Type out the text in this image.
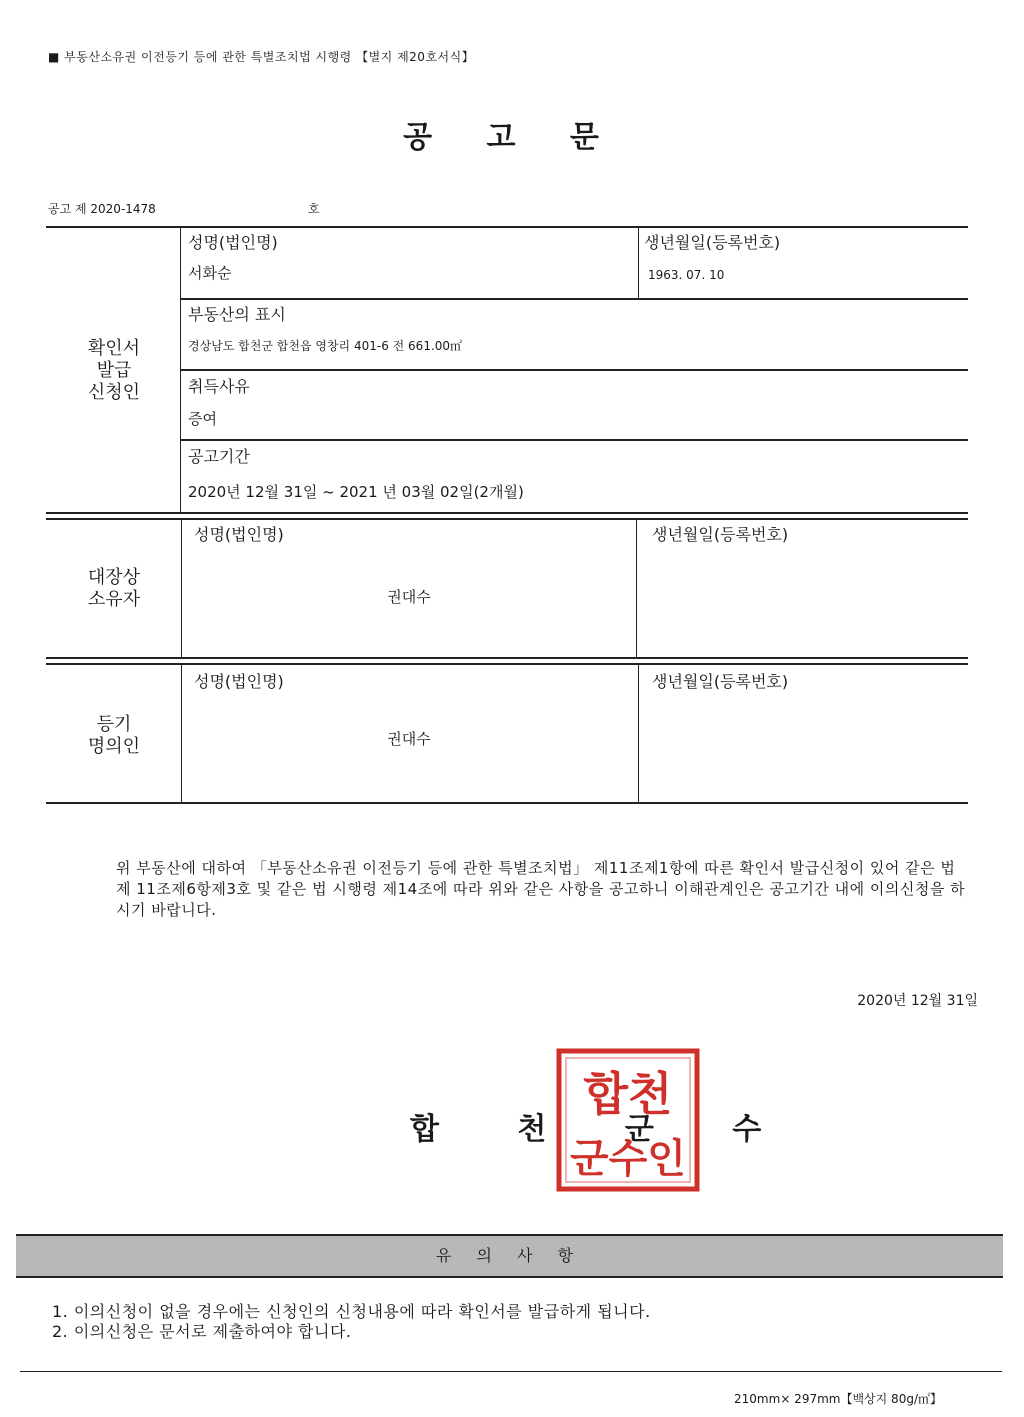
■ 부동산소유권 이전등기 등에 관한 특별조치법 시행령 【별지 제20호서식】
공 고 문
공고 제 2020-1478	호
확인서
발급
신청인
성명(법인명)
서화순
생년월일(등록번호)
1963. 07. 10
부동산의 표시
경상남도 합천군 합천읍 영창리 401-6 전 661.00㎡
취득사유
증여
공고기간
2020년 12월 31일 ~ 2021 년 03월 02일(2개월)
대장상
소유자
성명(법인명)
권대수
생년월일(등록번호)
등기
명의인
성명(법인명)
권대수
생년월일(등록번호)
위 부동산에 대하여 「부동산소유권 이전등기 등에 관한 특별조치법」 제11조제1항에 따른 확인서 발급신청이 있어 같은 법 제 11조제6항제3호 및 같은 법 시행령 제14조에 따라 위와 같은 사항을 공고하니 이해관계인은 공고기간 내에 이의신청을 하시기 바랍니다.
2020년 12월 31일
합천
군수인
합 천 군 수
유 의 사 항
1. 이의신청이 없을 경우에는 신청인의 신청내용에 따라 확인서를 발급하게 됩니다.
2. 이의신청은 문서로 제출하여야 합니다.
210mm× 297mm【백상지 80g/㎡】
